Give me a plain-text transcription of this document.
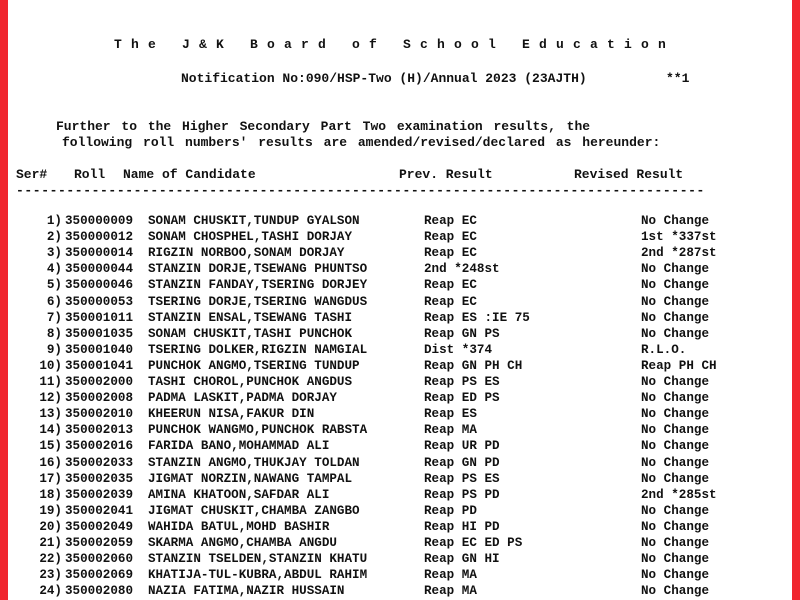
The J&K Board of School Education
Notification No:090/HSP-Two (H)/Annual 2023 (23AJTH)	**1
Further to the Higher Secondary Part Two examination results, the
following roll numbers' results are amended/revised/declared as hereunder:
Ser# Roll Name of Candidate	Prev. Result	Revised Result
----------------------------------------------------------------------------------
1) 350000009 SONAM CHUSKIT,TUNDUP GYALSON	Reap EC	No Change
2) 350000012 SONAM CHOSPHEL,TASHI DORJAY	Reap EC	1st *337st
3) 350000014 RIGZIN NORBOO,SONAM DORJAY	Reap EC	2nd *287st
4) 350000044 STANZIN DORJE,TSEWANG PHUNTSO	2nd *248st	No Change
5) 350000046 STANZIN FANDAY,TSERING DORJEY	Reap EC	No Change
6) 350000053 TSERING DORJE,TSERING WANGDUS	Reap EC	No Change
7) 350001011 STANZIN ENSAL,TSEWANG TASHI	Reap ES :IE 75	No Change
8) 350001035 SONAM CHUSKIT,TASHI PUNCHOK	Reap GN PS	No Change
9) 350001040 TSERING DOLKER,RIGZIN NAMGIAL	Dist *374	R.L.O.
10) 350001041 PUNCHOK ANGMO,TSERING TUNDUP	Reap GN PH CH	Reap PH CH
11) 350002000 TASHI CHOROL,PUNCHOK ANGDUS	Reap PS ES	No Change
12) 350002008 PADMA LASKIT,PADMA DORJAY	Reap ED PS	No Change
13) 350002010 KHEERUN NISA,FAKUR DIN	Reap ES	No Change
14) 350002013 PUNCHOK WANGMO,PUNCHOK RABSTA	Reap MA	No Change
15) 350002016 FARIDA BANO,MOHAMMAD ALI	Reap UR PD	No Change
16) 350002033 STANZIN ANGMO,THUKJAY TOLDAN	Reap GN PD	No Change
17) 350002035 JIGMAT NORZIN,NAWANG TAMPAL	Reap PS ES	No Change
18) 350002039 AMINA KHATOON,SAFDAR ALI	Reap PS PD	2nd *285st
19) 350002041 JIGMAT CHUSKIT,CHAMBA ZANGBO	Reap PD	No Change
20) 350002049 WAHIDA BATUL,MOHD BASHIR	Reap HI PD	No Change
21) 350002059 SKARMA ANGMO,CHAMBA ANGDU	Reap EC ED PS	No Change
22) 350002060 STANZIN TSELDEN,STANZIN KHATU	Reap GN HI	No Change
23) 350002069 KHATIJA-TUL-KUBRA,ABDUL RAHIM	Reap MA	No Change
24) 350002080 NAZIA FATIMA,NAZIR HUSSAIN	Reap MA	No Change
